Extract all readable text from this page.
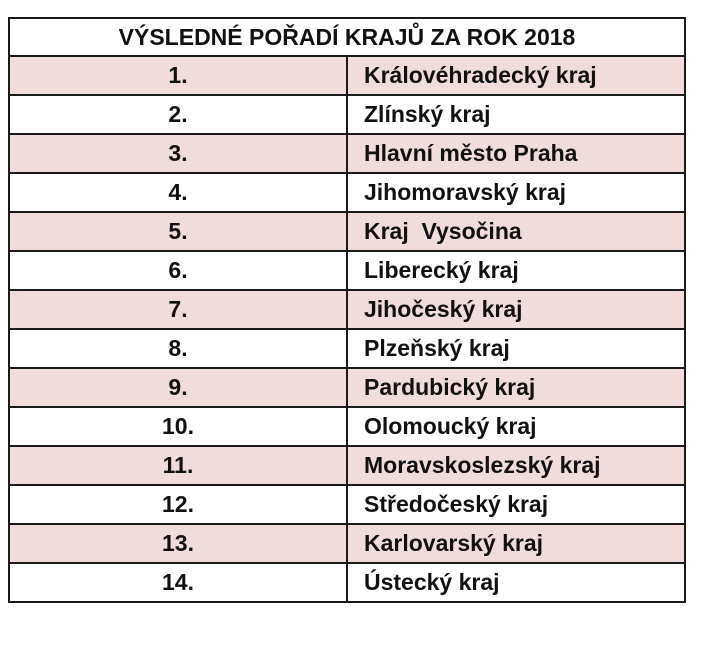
VÝSLEDNÉ POŘADÍ KRAJŮ ZA ROK 2018	
1.	Královéhradecký kraj
2.	Zlínský kraj
3.	Hlavní město Praha
4.	Jihomoravský kraj
5.	Kraj  Vysočina
6.	Liberecký kraj
7.	Jihočeský kraj
8.	Plzeňský kraj
9.	Pardubický kraj
10.	Olomoucký kraj
11.	Moravskoslezský kraj
12.	Středočeský kraj
13.	Karlovarský kraj
14.	Ústecký kraj
